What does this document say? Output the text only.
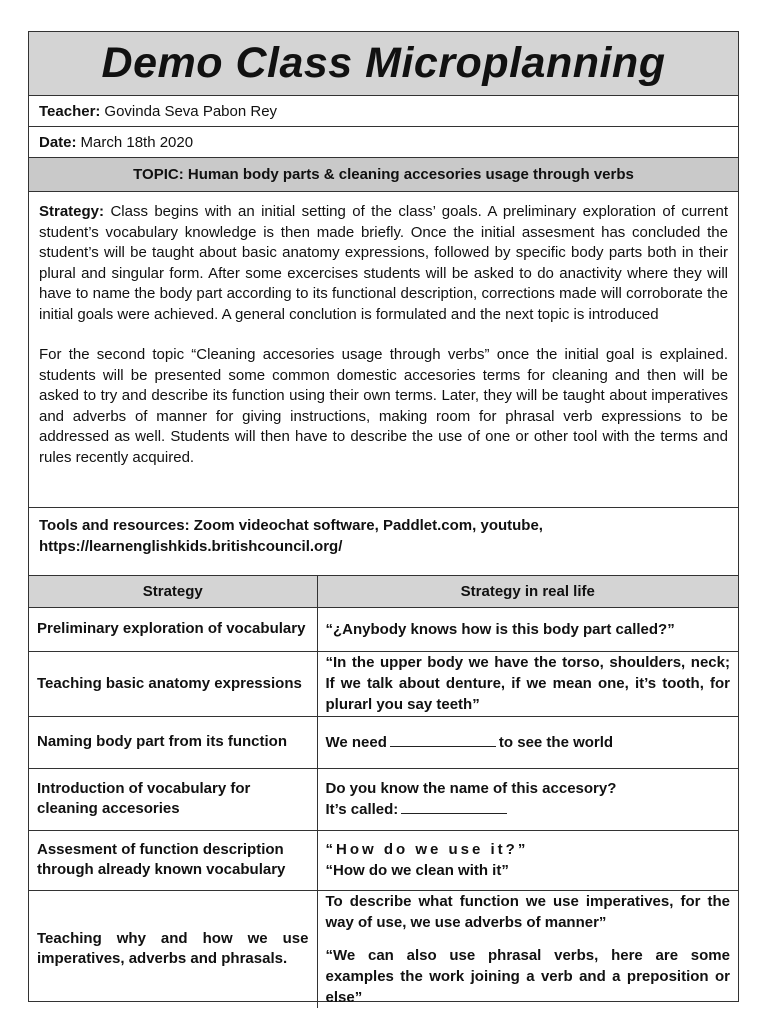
Demo Class Microplanning
Teacher: Govinda Seva Pabon Rey
Date: March 18th 2020
TOPIC: Human body parts & cleaning accesories usage through verbs

Strategy: Class begins with an initial setting of the class’ goals. A preliminary exploration of current student’s vocabulary knowledge is then made briefly. Once the initial assesment has concluded the student’s will be taught about basic anatomy expressions, followed by specific body parts both in their plural and singular form. After some excercises students will be asked to do anactivity where they will have to name the body part according to its functional description, corrections made will corroborate the initial goals were achieved. A general conclution is formulated and the next topic is introduced

For the second topic “Cleaning accesories usage through verbs” once the initial goal is explained. students will be presented some common domestic accesories terms for cleaning and then will be asked to try and describe its function using their own terms. Later, they will be taught about imperatives and adverbs of manner for giving instructions, making room for phrasal verb expressions to be addressed as well. Students will then have to describe the use of one or other tool with the terms and rules recently acquired.

Tools and resources: Zoom videochat software, Paddlet.com, youtube,
https://learnenglishkids.britishcouncil.org/
Strategy	Strategy in real life
Preliminary exploration of vocabulary	“¿Anybody knows how is this body part called?”
Teaching basic anatomy expressions	“In the upper body we have the torso, shoulders, neck; If we talk about denture, if we mean one, it’s tooth, for plurarl you say teeth”
Naming body part from its function	We need to see the world
Introduction of vocabulary for cleaning accesories	Do you know the name of this accesory?
It’s called:

Assesment of function description through already known vocabulary	“How do we use it?”
“How do we clean with it”

Teaching why and how we use imperatives, adverbs and phrasals.	To describe what function we use imperatives, for the way of use, we use adverbs of manner”
“We can also use phrasal verbs, here are some examples the work joining a verb and a preposition or else”
